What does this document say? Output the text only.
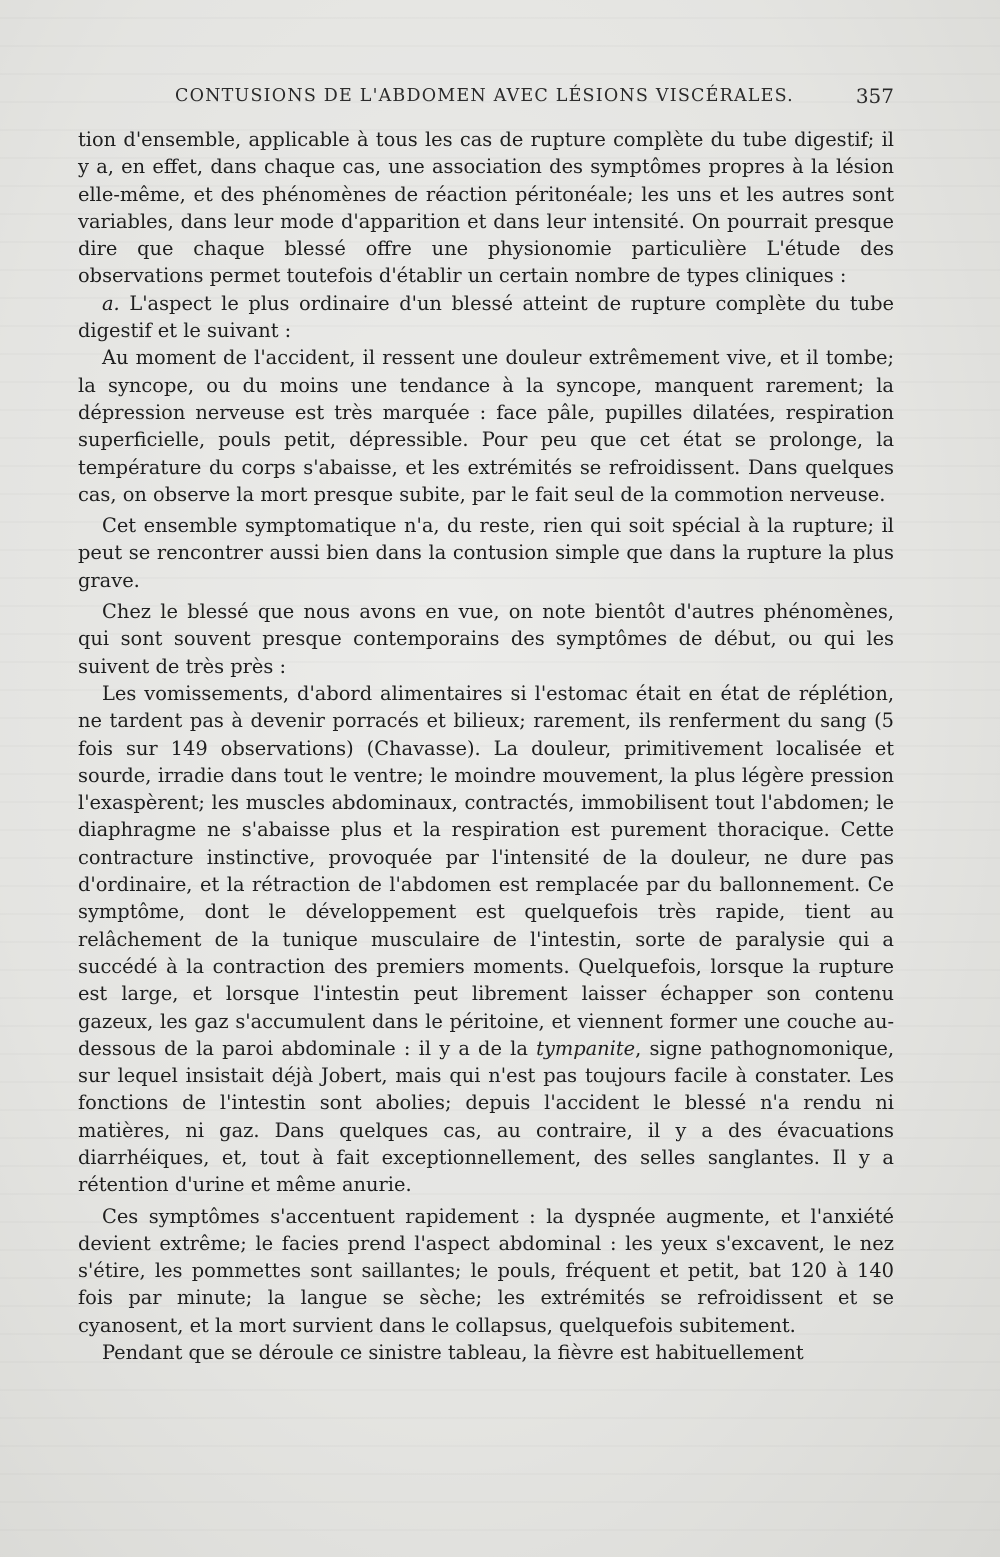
CONTUSIONS DE L'ABDOMEN AVEC LÉSIONS VISCÉRALES.	357

tion d'ensemble, applicable à tous les cas de rupture complète du tube digestif; il y a, en effet, dans chaque cas, une association des symptômes propres à la lésion elle-même, et des phénomènes de réaction péritonéale; les uns et les autres sont variables, dans leur mode d'apparition et dans leur intensité. On pourrait presque dire que chaque blessé offre une physionomie particulière L'étude des observations permet toutefois d'établir un certain nombre de types cliniques :

a. L'aspect le plus ordinaire d'un blessé atteint de rupture complète du tube digestif et le suivant :

Au moment de l'accident, il ressent une douleur extrêmement vive, et il tombe; la syncope, ou du moins une tendance à la syncope, manquent rarement; la dépression nerveuse est très marquée : face pâle, pupilles dilatées, respiration superficielle, pouls petit, dépressible. Pour peu que cet état se prolonge, la température du corps s'abaisse, et les extrémités se refroidissent. Dans quelques cas, on observe la mort presque subite, par le fait seul de la commotion nerveuse.

Cet ensemble symptomatique n'a, du reste, rien qui soit spécial à la rupture; il peut se rencontrer aussi bien dans la contusion simple que dans la rupture la plus grave.

Chez le blessé que nous avons en vue, on note bientôt d'autres phénomènes, qui sont souvent presque contemporains des symptômes de début, ou qui les suivent de très près :

Les vomissements, d'abord alimentaires si l'estomac était en état de réplétion, ne tardent pas à devenir porracés et bilieux; rarement, ils renferment du sang (5 fois sur 149 observations) (Chavasse). La douleur, primitivement localisée et sourde, irradie dans tout le ventre; le moindre mouvement, la plus légère pression l'exaspèrent; les muscles abdominaux, contractés, immobilisent tout l'abdomen; le diaphragme ne s'abaisse plus et la respiration est purement thoracique. Cette contracture instinctive, provoquée par l'intensité de la douleur, ne dure pas d'ordinaire, et la rétraction de l'abdomen est remplacée par du ballonnement. Ce symptôme, dont le développement est quelquefois très rapide, tient au relâchement de la tunique musculaire de l'intestin, sorte de paralysie qui a succédé à la contraction des premiers moments. Quelquefois, lorsque la rupture est large, et lorsque l'intestin peut librement laisser échapper son contenu gazeux, les gaz s'accumulent dans le péritoine, et viennent former une couche au-dessous de la paroi abdominale : il y a de la tympanite, signe pathognomonique, sur lequel insistait déjà Jobert, mais qui n'est pas toujours facile à constater. Les fonctions de l'intestin sont abolies; depuis l'accident le blessé n'a rendu ni matières, ni gaz. Dans quelques cas, au contraire, il y a des évacuations diarrhéiques, et, tout à fait exceptionnellement, des selles sanglantes. Il y a rétention d'urine et même anurie.

Ces symptômes s'accentuent rapidement : la dyspnée augmente, et l'anxiété devient extrême; le facies prend l'aspect abdominal : les yeux s'excavent, le nez s'étire, les pommettes sont saillantes; le pouls, fréquent et petit, bat 120 à 140 fois par minute; la langue se sèche; les extrémités se refroidissent et se cyanosent, et la mort survient dans le collapsus, quelquefois subitement.

Pendant que se déroule ce sinistre tableau, la fièvre est habituellement
